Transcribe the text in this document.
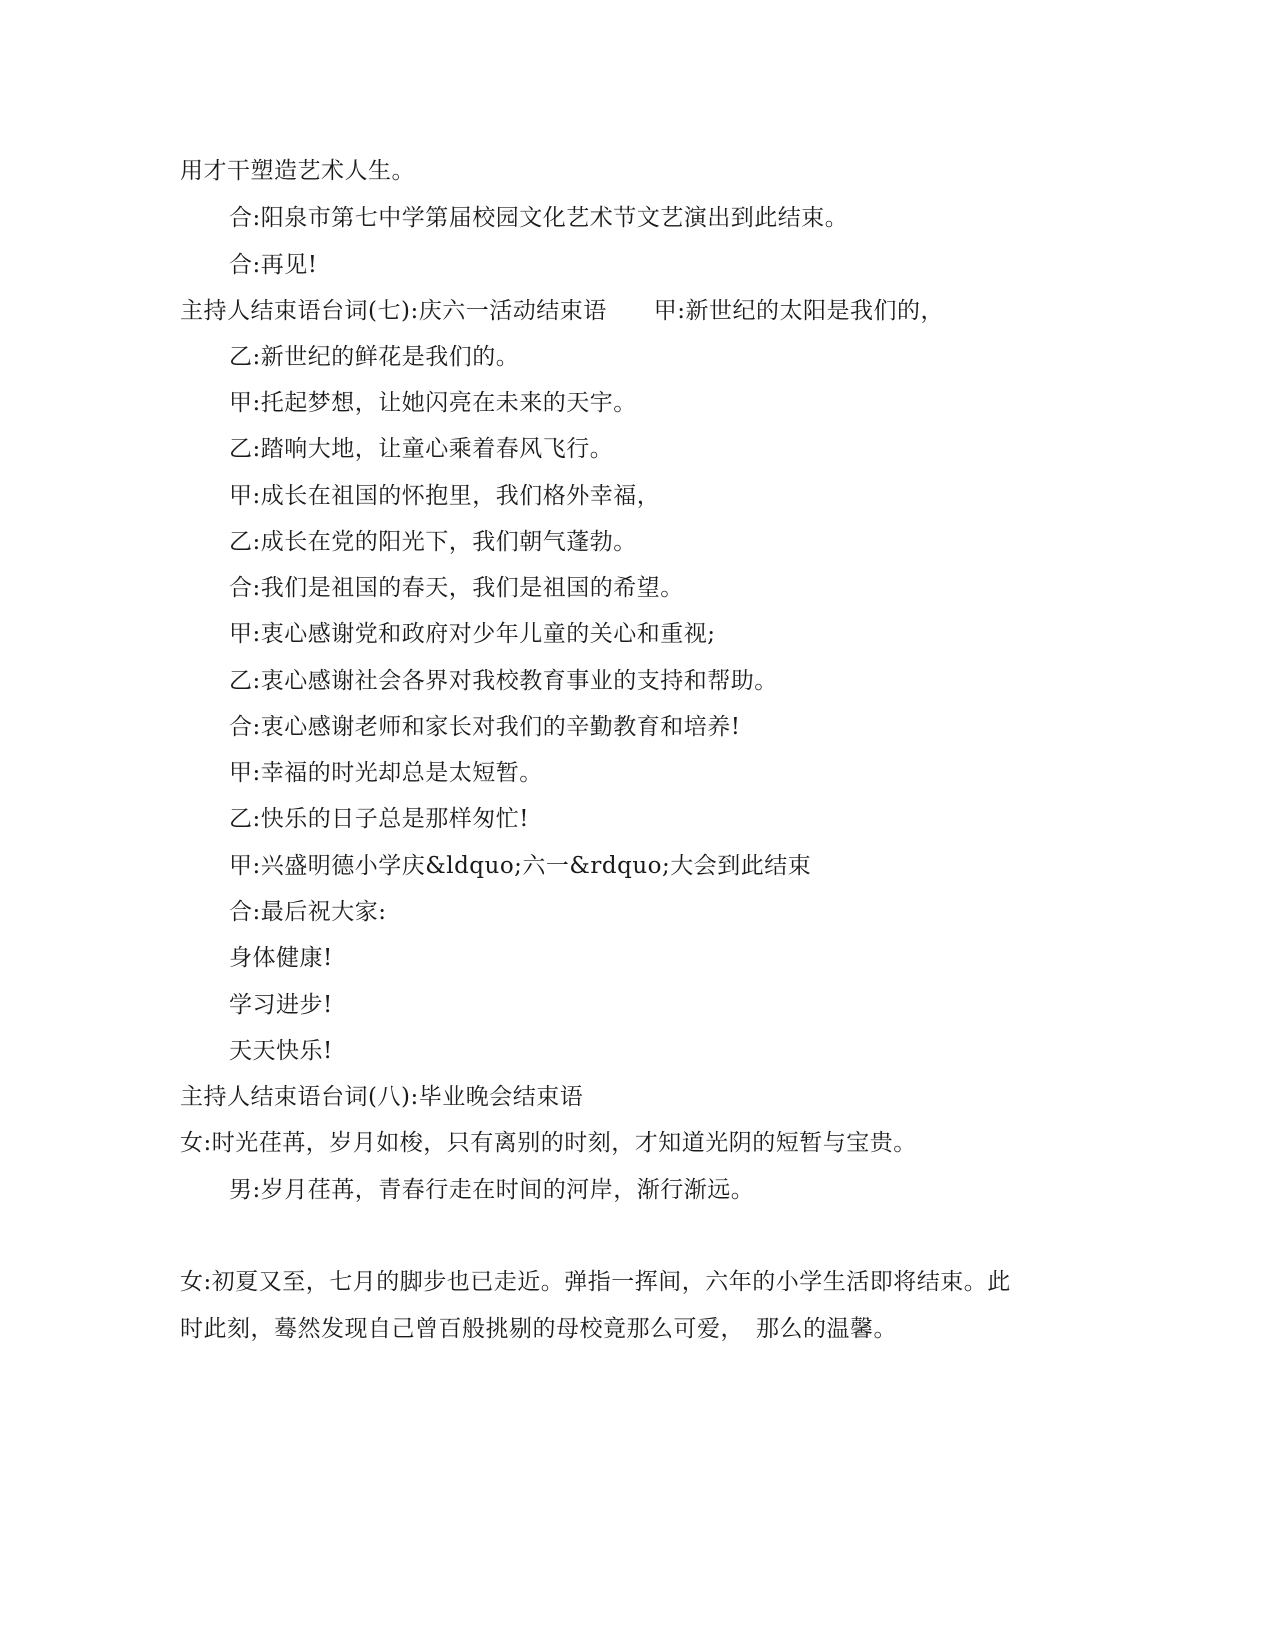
用才干塑造艺术人生。
合:阳泉市第七中学第届校园文化艺术节文艺演出到此结束。
合:再见!
主持人结束语台词(七):庆六一活动结束语　　甲:新世纪的太阳是我们的，
乙:新世纪的鲜花是我们的。
甲:托起梦想，让她闪亮在未来的天宇。
乙:踏响大地，让童心乘着春风飞行。
甲:成长在祖国的怀抱里，我们格外幸福，
乙:成长在党的阳光下，我们朝气蓬勃。
合:我们是祖国的春天，我们是祖国的希望。
甲:衷心感谢党和政府对少年儿童的关心和重视;
乙:衷心感谢社会各界对我校教育事业的支持和帮助。
合:衷心感谢老师和家长对我们的辛勤教育和培养!
甲:幸福的时光却总是太短暂。
乙:快乐的日子总是那样匆忙!
甲:兴盛明德小学庆&ldquo;六一&rdquo;大会到此结束
合:最后祝大家:
身体健康!
学习进步!
天天快乐!
主持人结束语台词(八):毕业晚会结束语
女:时光荏苒，岁月如梭，只有离别的时刻，才知道光阴的短暂与宝贵。
男:岁月荏苒，青春行走在时间的河岸，渐行渐远。
女:初夏又至，七月的脚步也已走近。弹指一挥间，六年的小学生活即将结束。此
时此刻，蓦然发现自己曾百般挑剔的母校竟那么可爱，　那么的温馨。
